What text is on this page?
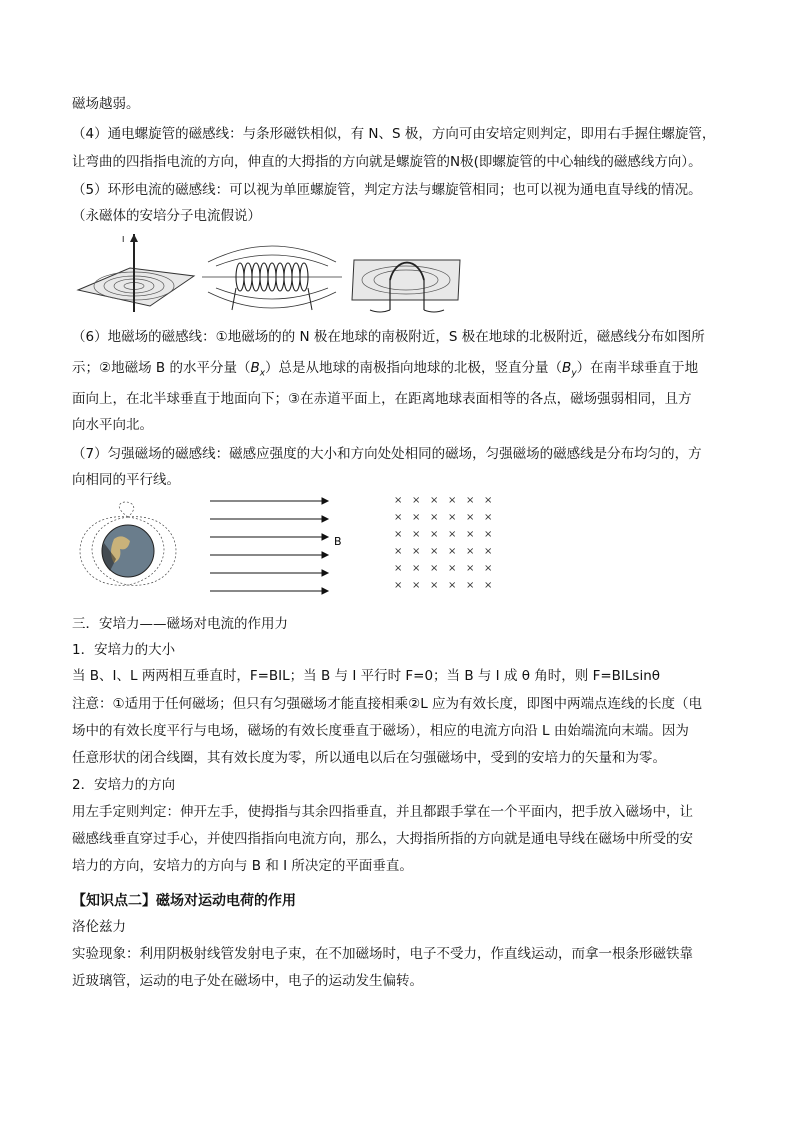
磁场越弱。
（4）通电螺旋管的磁感线：与条形磁铁相似，有 N、S 极，方向可由安培定则判定，即用右手握住螺旋管，
让弯曲的四指指电流的方向，伸直的大拇指的方向就是螺旋管的N极(即螺旋管的中心轴线的磁感线方向）。
（5）环形电流的磁感线：可以视为单匝螺旋管，判定方法与螺旋管相同；也可以视为通电直导线的情况。
（永磁体的安培分子电流假说）
I
（6）地磁场的磁感线：①地磁场的的 N 极在地球的南极附近，S 极在地球的北极附近，磁感线分布如图所
示；②地磁场 B 的水平分量$(B_x)$总是从地球的南极指向地球的北极，竖直分量$(B_y)$在南半球垂直于地
面向上，在北半球垂直于地面向下；③在赤道平面上，在距离地球表面相等的各点，磁场强弱相同，且方
向水平向北。
（7）匀强磁场的磁感线：磁感应强度的大小和方向处处相同的磁场，匀强磁场的磁感线是分布均匀的，方
向相同的平行线。
B
× × × × × ×
× × × × × ×
× × × × × ×
× × × × × ×
× × × × × ×
× × × × × ×
三．安培力——磁场对电流的作用力
1．安培力的大小
当 B、I、L 两两相互垂直时，F=BIL；当 B 与 I 平行时 F=0；当 B 与 I 成 θ 角时，则 F=BILsinθ
注意：①适用于任何磁场；但只有匀强磁场才能直接相乘②L 应为有效长度，即图中两端点连线的长度（电
场中的有效长度平行与电场，磁场的有效长度垂直于磁场），相应的电流方向沿 L 由始端流向末端。因为
任意形状的闭合线圈，其有效长度为零，所以通电以后在匀强磁场中，受到的安培力的矢量和为零。
2．安培力的方向
用左手定则判定：伸开左手，使拇指与其余四指垂直，并且都跟手掌在一个平面内，把手放入磁场中，让
磁感线垂直穿过手心，并使四指指向电流方向，那么，大拇指所指的方向就是通电导线在磁场中所受的安
培力的方向，安培力的方向与 B 和 I 所决定的平面垂直。
【知识点二】磁场对运动电荷的作用
洛伦兹力
实验现象：利用阴极射线管发射电子束，在不加磁场时，电子不受力，作直线运动，而拿一根条形磁铁靠
近玻璃管，运动的电子处在磁场中，电子的运动发生偏转。
